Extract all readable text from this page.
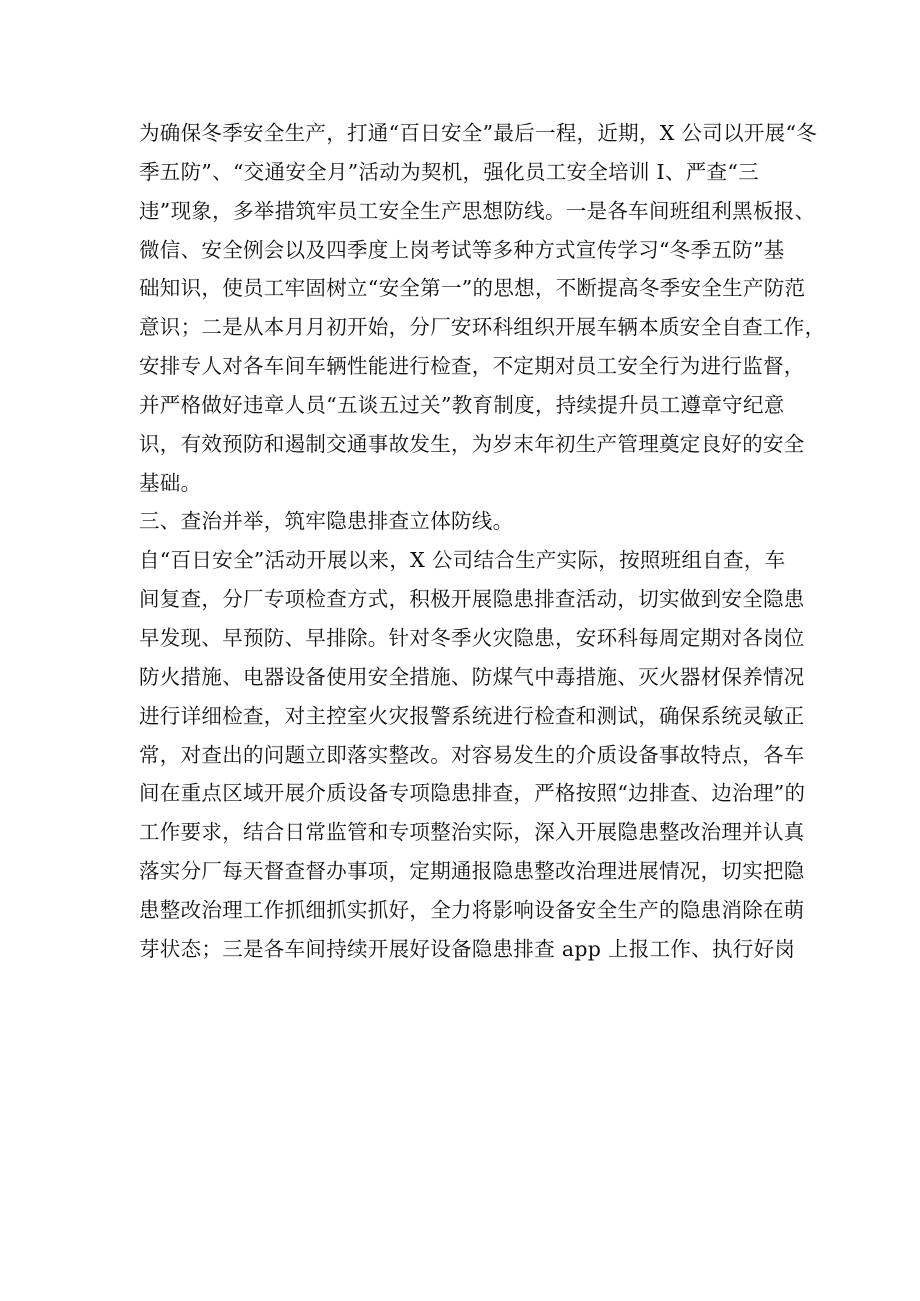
为确保冬季安全生产，打通“百日安全”最后一程，近期，X 公司以开展“冬
季五防”、“交通安全月”活动为契机，强化员工安全培训 I、严查“三
违”现象，多举措筑牢员工安全生产思想防线。一是各车间班组利黑板报、
微信、安全例会以及四季度上岗考试等多种方式宣传学习“冬季五防”基
础知识，使员工牢固树立“安全第一”的思想，不断提高冬季安全生产防范
意识；二是从本月月初开始，分厂安环科组织开展车辆本质安全自查工作，
安排专人对各车间车辆性能进行检查，不定期对员工安全行为进行监督，
并严格做好违章人员“五谈五过关”教育制度，持续提升员工遵章守纪意
识，有效预防和遏制交通事故发生，为岁末年初生产管理奠定良好的安全
基础。
三、查治并举，筑牢隐患排查立体防线。
自“百日安全”活动开展以来，X 公司结合生产实际，按照班组自查，车
间复查，分厂专项检查方式，积极开展隐患排查活动，切实做到安全隐患
早发现、早预防、早排除。针对冬季火灾隐患，安环科每周定期对各岗位
防火措施、电器设备使用安全措施、防煤气中毒措施、灭火器材保养情况
进行详细检查，对主控室火灾报警系统进行检查和测试，确保系统灵敏正
常，对查出的问题立即落实整改。对容易发生的介质设备事故特点，各车
间在重点区域开展介质设备专项隐患排查，严格按照“边排查、边治理”的
工作要求，结合日常监管和专项整治实际，深入开展隐患整改治理并认真
落实分厂每天督查督办事项，定期通报隐患整改治理进展情况，切实把隐
患整改治理工作抓细抓实抓好，全力将影响设备安全生产的隐患消除在萌
芽状态；三是各车间持续开展好设备隐患排查 app 上报工作、执行好岗
